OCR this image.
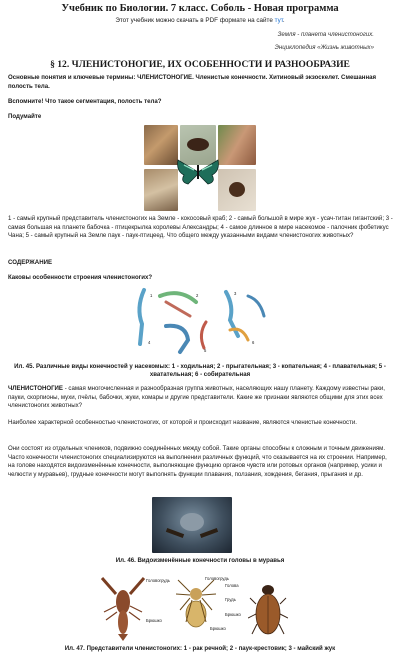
Учебник по Биологии. 7 класс. Соболь - Новая программа
Этот учебник можно скачать в PDF формате на сайте тут.
Земля - планета членистоногих.
Энциклопедия «Жизнь животных»
§ 12. ЧЛЕНИСТОНОГИЕ, ИХ ОСОБЕННОСТИ И РАЗНООБРАЗИЕ
Основные понятия и ключевые термины: ЧЛЕНИСТОНОГИЕ. Членистые конечности. Хитиновый экзоскелет. Смешанная полость тела.
Вспомните! Что такое сегментация, полость тела?
Подумайте
1 - самый крупный представитель членистоногих на Земле - кокосовый краб; 2 - самый большой в мире жук - усач-титан гигантский; 3 - самая большая на планете бабочка - птицекрылка королевы Александры; 4 - самое длинное в мире насекомое - палочник фобетикус Чана; 5 - самый крупный на Земле паук - паук-птицеед. Что общего между указанными видами членистоногих животных?
СОДЕРЖАНИЕ
Каковы особенности строения членистоногих?
1	2	3
4
5
6
Ил. 45. Различные виды конечностей у насекомых: 1 - ходильная; 2 - прыгательная; 3 - копательная; 4 - плавательная; 5 - хватательная; 6 - собирательная
ЧЛЕНИСТОНОГИЕ - самая многочисленная и разнообразная группа животных, населяющих нашу планету. Каждому известны раки, пауки, скорпионы, мухи, пчёлы, бабочки, жуки, комары и другие представители. Какие же признаки являются общими для этих всех членистоногих животных?
Наиболее характерной особенностью членистоногих, от которой и происходит название, являются членистые конечности.
Они состоят из отдельных члеников, подвижно соединённых между собой. Такие органы способны к сложным и точным движениям. Часто конечности членистоногих специализируются на выполнении различных функций, что сказывается на их строении. Например, на голове находятся видоизменённые конечности, выполняющие функцию органов чувств или ротовых органов (например, усики и челюсти у муравьев), грудные конечности могут выполнять функции плавания, ползания, хождения, бегания, прыгания и др.
Ил. 46. Видоизменённые конечности головы в муравья
Головогрудь
Брюшко
Голова
Грудь
Брюшко
Головогрудь
Брюшко
Ил. 47. Представители членистоногих: 1 - рак речной; 2 - паук-крестовик; 3 - майский жук
